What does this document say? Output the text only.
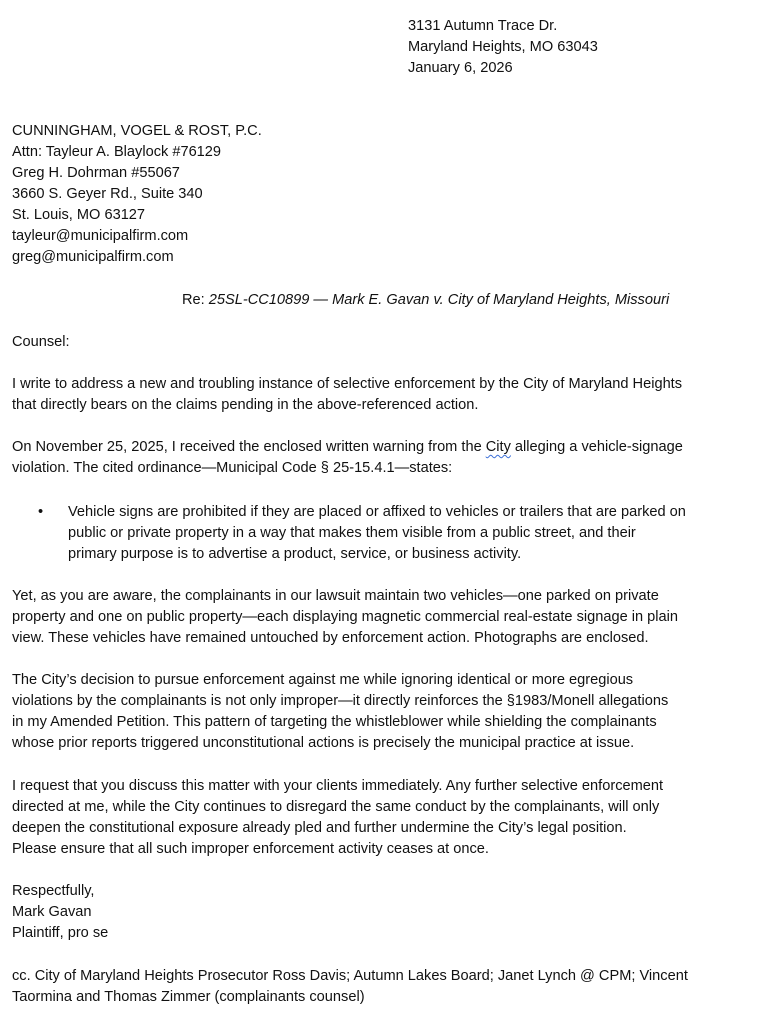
3131 Autumn Trace Dr.
Maryland Heights, MO 63043
January 6, 2026
CUNNINGHAM, VOGEL & ROST, P.C.
Attn: Tayleur A. Blaylock #76129
Greg H. Dohrman #55067
3660 S. Geyer Rd., Suite 340
St. Louis, MO 63127
tayleur@municipalfirm.com
greg@municipalfirm.com
Re: 25SL-CC10899 — Mark E. Gavan v. City of Maryland Heights, Missouri
Counsel:
I write to address a new and troubling instance of selective enforcement by the City of Maryland Heights
that directly bears on the claims pending in the above-referenced action.
On November 25, 2025, I received the enclosed written warning from the City alleging a vehicle-signage
violation. The cited ordinance—Municipal Code § 25-15.4.1—states:
• Vehicle signs are prohibited if they are placed or affixed to vehicles or trailers that are parked on
public or private property in a way that makes them visible from a public street, and their
primary purpose is to advertise a product, service, or business activity.
Yet, as you are aware, the complainants in our lawsuit maintain two vehicles—one parked on private
property and one on public property—each displaying magnetic commercial real-estate signage in plain
view. These vehicles have remained untouched by enforcement action. Photographs are enclosed.
The City’s decision to pursue enforcement against me while ignoring identical or more egregious
violations by the complainants is not only improper—it directly reinforces the §1983/Monell allegations
in my Amended Petition. This pattern of targeting the whistleblower while shielding the complainants
whose prior reports triggered unconstitutional actions is precisely the municipal practice at issue.
I request that you discuss this matter with your clients immediately. Any further selective enforcement
directed at me, while the City continues to disregard the same conduct by the complainants, will only
deepen the constitutional exposure already pled and further undermine the City’s legal position.
Please ensure that all such improper enforcement activity ceases at once.
Respectfully,
Mark Gavan
Plaintiff, pro se
cc. City of Maryland Heights Prosecutor Ross Davis; Autumn Lakes Board; Janet Lynch @ CPM; Vincent
Taormina and Thomas Zimmer (complainants counsel)
